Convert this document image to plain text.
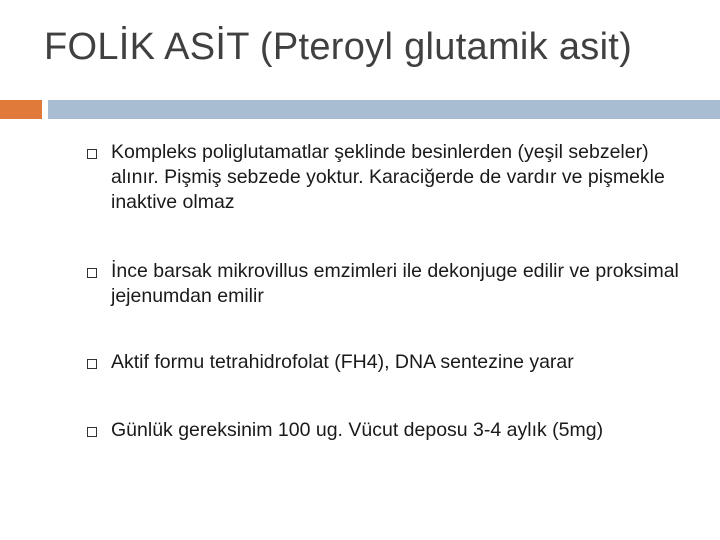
FOLİK ASİT (Pteroyl glutamik asit)
Kompleks poliglutamatlar şeklinde besinlerden (yeşil sebzeler) alınır. Pişmiş sebzede yoktur. Karaciğerde de vardır ve pişmekle inaktive olmaz
İnce barsak mikrovillus emzimleri ile dekonjuge edilir ve proksimal jejenumdan emilir
Aktif formu tetrahidrofolat (FH4), DNA sentezine yarar
Günlük gereksinim 100 ug. Vücut deposu 3-4 aylık (5mg)
